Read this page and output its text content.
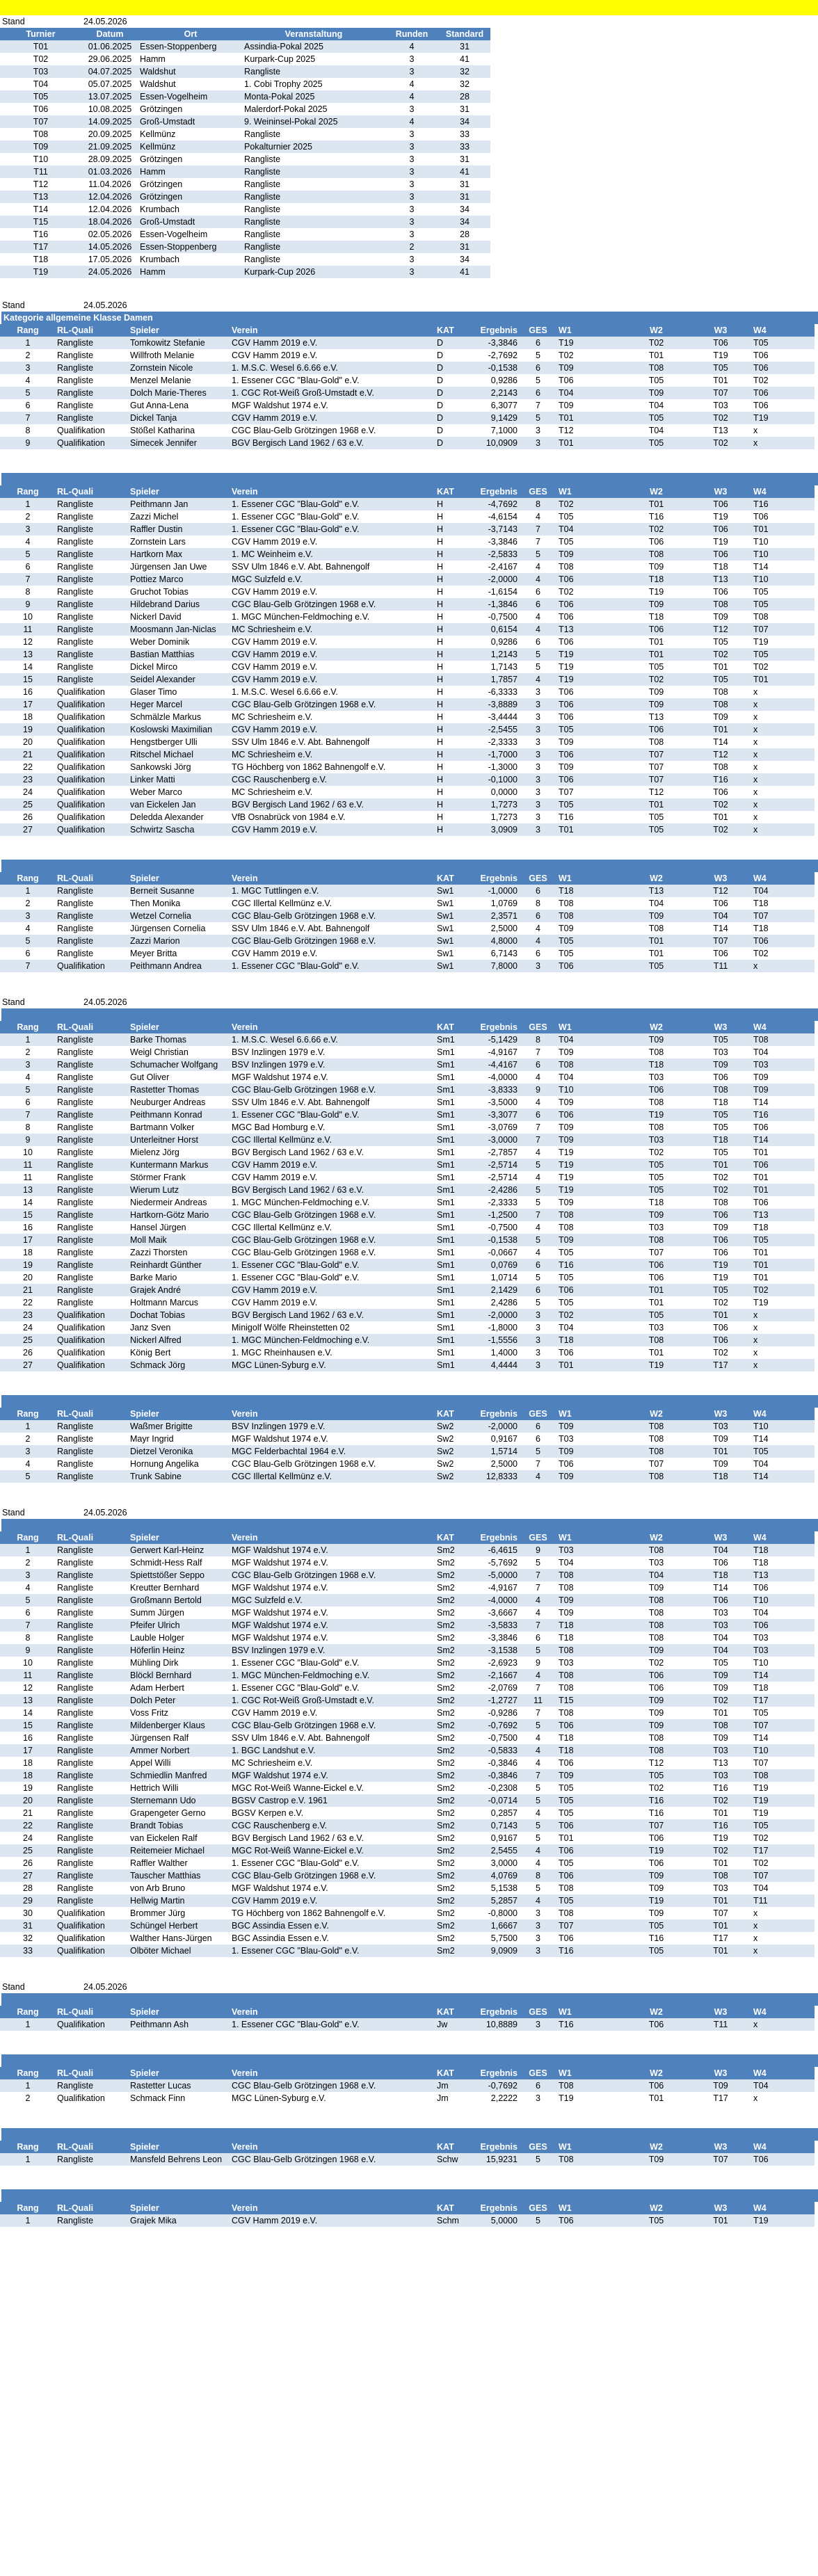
Stand	24.05.2026
Turnier	Datum	Ort	Veranstaltung	Runden	Standard
T01	01.06.2025	Essen-Stoppenberg	Assindia-Pokal 2025	4	31
T02	29.06.2025	Hamm	Kurpark-Cup 2025	3	41
T03	04.07.2025	Waldshut	Rangliste	3	32
T04	05.07.2025	Waldshut	1. Cobi Trophy 2025	4	32
T05	13.07.2025	Essen-Vogelheim	Monta-Pokal 2025	4	28
T06	10.08.2025	Grötzingen	Malerdorf-Pokal 2025	3	31
T07	14.09.2025	Groß-Umstadt	9. Weininsel-Pokal 2025	4	34
T08	20.09.2025	Kellmünz	Rangliste	3	33
T09	21.09.2025	Kellmünz	Pokalturnier 2025	3	33
T10	28.09.2025	Grötzingen	Rangliste	3	31
T11	01.03.2026	Hamm	Rangliste	3	41
T12	11.04.2026	Grötzingen	Rangliste	3	31
T13	12.04.2026	Grötzingen	Rangliste	3	31
T14	12.04.2026	Krumbach	Rangliste	3	34
T15	18.04.2026	Groß-Umstadt	Rangliste	3	34
T16	02.05.2026	Essen-Vogelheim	Rangliste	3	28
T17	14.05.2026	Essen-Stoppenberg	Rangliste	2	31
T18	17.05.2026	Krumbach	Rangliste	3	34
T19	24.05.2026	Hamm	Kurpark-Cup 2026	3	41
Stand	24.05.2026
Kategorie allgemeine Klasse Damen
Rang	RL-Quali	Spieler	Verein	KAT	Ergebnis	GES	W1	W2	W3	W4
1	Rangliste	Tomkowitz Stefanie	CGV Hamm 2019 e.V.	D	-3,3846	6	T19	T02	T06	T05
2	Rangliste	Willfroth Melanie	CGV Hamm 2019 e.V.	D	-2,7692	5	T02	T01	T19	T06
3	Rangliste	Zornstein Nicole	1. M.S.C. Wesel 6.6.66 e.V.	D	-0,1538	6	T09	T08	T05	T06
4	Rangliste	Menzel Melanie	1. Essener CGC "Blau-Gold" e.V.	D	0,9286	5	T06	T05	T01	T02
5	Rangliste	Dolch Marie-Theres	1. CGC Rot-Weiß Groß-Umstadt e.V.	D	2,2143	6	T04	T09	T07	T06
6	Rangliste	Gut Anna-Lena	MGF Waldshut 1974 e.V.	D	6,3077	7	T09	T04	T03	T06
7	Rangliste	Dickel Tanja	CGV Hamm 2019 e.V.	D	9,1429	5	T01	T05	T02	T19
8	Qualifikation	Stößel Katharina	CGC Blau-Gelb Grötzingen 1968 e.V.	D	7,1000	3	T12	T04	T13	x
9	Qualifikation	Simecek Jennifer	BGV Bergisch Land 1962 / 63 e.V.	D	10,0909	3	T01	T05	T02	x
Rang	RL-Quali	Spieler	Verein	KAT	Ergebnis	GES	W1	W2	W3	W4
1	Rangliste	Peithmann Jan	1. Essener CGC "Blau-Gold" e.V.	H	-4,7692	8	T02	T01	T06	T16
2	Rangliste	Zazzi Michel	1. Essener CGC "Blau-Gold" e.V.	H	-4,6154	4	T05	T16	T19	T06
3	Rangliste	Raffler Dustin	1. Essener CGC "Blau-Gold" e.V.	H	-3,7143	7	T04	T02	T06	T01
4	Rangliste	Zornstein Lars	CGV Hamm 2019 e.V.	H	-3,3846	7	T05	T06	T19	T10
5	Rangliste	Hartkorn Max	1. MC Weinheim e.V.	H	-2,5833	5	T09	T08	T06	T10
6	Rangliste	Jürgensen Jan Uwe	SSV Ulm 1846 e.V. Abt. Bahnengolf	H	-2,4167	4	T08	T09	T18	T14
7	Rangliste	Pottiez Marco	MGC Sulzfeld e.V.	H	-2,0000	4	T06	T18	T13	T10
8	Rangliste	Gruchot Tobias	CGV Hamm 2019 e.V.	H	-1,6154	6	T02	T19	T06	T05
9	Rangliste	Hildebrand Darius	CGC Blau-Gelb Grötzingen 1968 e.V.	H	-1,3846	6	T06	T09	T08	T05
10	Rangliste	Nickerl David	1. MGC München-Feldmoching e.V.	H	-0,7500	4	T06	T18	T09	T08
11	Rangliste	Moosmann Jan-Niclas	MC Schriesheim e.V.	H	0,6154	4	T13	T06	T12	T07
12	Rangliste	Weber Dominik	CGV Hamm 2019 e.V.	H	0,9286	6	T06	T01	T05	T19
13	Rangliste	Bastian Matthias	CGV Hamm 2019 e.V.	H	1,2143	5	T19	T01	T02	T05
14	Rangliste	Dickel Mirco	CGV Hamm 2019 e.V.	H	1,7143	5	T19	T05	T01	T02
15	Rangliste	Seidel Alexander	CGV Hamm 2019 e.V.	H	1,7857	4	T19	T02	T05	T01
16	Qualifikation	Glaser Timo	1. M.S.C. Wesel 6.6.66 e.V.	H	-6,3333	3	T06	T09	T08	x
17	Qualifikation	Heger Marcel	CGC Blau-Gelb Grötzingen 1968 e.V.	H	-3,8889	3	T06	T09	T08	x
18	Qualifikation	Schmälzle Markus	MC Schriesheim e.V.	H	-3,4444	3	T06	T13	T09	x
19	Qualifikation	Koslowski Maximilian	CGV Hamm 2019 e.V.	H	-2,5455	3	T05	T06	T01	x
20	Qualifikation	Hengstberger Ulli	SSV Ulm 1846 e.V. Abt. Bahnengolf	H	-2,3333	3	T09	T08	T14	x
21	Qualifikation	Ritschel Michael	MC Schriesheim e.V.	H	-1,7000	3	T06	T07	T12	x
22	Qualifikation	Sankowski Jörg	TG Höchberg von 1862 Bahnengolf e.V.	H	-1,3000	3	T09	T07	T08	x
23	Qualifikation	Linker Matti	CGC Rauschenberg e.V.	H	-0,1000	3	T06	T07	T16	x
24	Qualifikation	Weber Marco	MC Schriesheim e.V.	H	0,0000	3	T07	T12	T06	x
25	Qualifikation	van Eickelen Jan	BGV Bergisch Land 1962 / 63 e.V.	H	1,7273	3	T05	T01	T02	x
26	Qualifikation	Deledda Alexander	VfB Osnabrück von 1984 e.V.	H	1,7273	3	T16	T05	T01	x
27	Qualifikation	Schwirtz Sascha	CGV Hamm 2019 e.V.	H	3,0909	3	T01	T05	T02	x
Rang	RL-Quali	Spieler	Verein	KAT	Ergebnis	GES	W1	W2	W3	W4
1	Rangliste	Berneit Susanne	1. MGC Tuttlingen e.V.	Sw1	-1,0000	6	T18	T13	T12	T04
2	Rangliste	Then Monika	CGC Illertal Kellmünz e.V.	Sw1	1,0769	8	T08	T04	T06	T18
3	Rangliste	Wetzel Cornelia	CGC Blau-Gelb Grötzingen 1968 e.V.	Sw1	2,3571	6	T08	T09	T04	T07
4	Rangliste	Jürgensen Cornelia	SSV Ulm 1846 e.V. Abt. Bahnengolf	Sw1	2,5000	4	T09	T08	T14	T18
5	Rangliste	Zazzi Marion	CGC Blau-Gelb Grötzingen 1968 e.V.	Sw1	4,8000	4	T05	T01	T07	T06
6	Rangliste	Meyer Britta	CGV Hamm 2019 e.V.	Sw1	6,7143	6	T05	T01	T06	T02
7	Qualifikation	Peithmann Andrea	1. Essener CGC "Blau-Gold" e.V.	Sw1	7,8000	3	T06	T05	T11	x
Stand	24.05.2026
Rang	RL-Quali	Spieler	Verein	KAT	Ergebnis	GES	W1	W2	W3	W4
1	Rangliste	Barke Thomas	1. M.S.C. Wesel 6.6.66 e.V.	Sm1	-5,1429	8	T04	T09	T05	T08
2	Rangliste	Weigl Christian	BSV Inzlingen 1979 e.V.	Sm1	-4,9167	7	T09	T08	T03	T04
3	Rangliste	Schumacher Wolfgang	BSV Inzlingen 1979 e.V.	Sm1	-4,4167	6	T08	T18	T09	T03
4	Rangliste	Gut Oliver	MGF Waldshut 1974 e.V.	Sm1	-4,0000	4	T04	T03	T06	T09
5	Rangliste	Rastetter Thomas	CGC Blau-Gelb Grötzingen 1968 e.V.	Sm1	-3,8333	9	T10	T06	T08	T09
6	Rangliste	Neuburger Andreas	SSV Ulm 1846 e.V. Abt. Bahnengolf	Sm1	-3,5000	4	T09	T08	T18	T14
7	Rangliste	Peithmann Konrad	1. Essener CGC "Blau-Gold" e.V.	Sm1	-3,3077	6	T06	T19	T05	T16
8	Rangliste	Bartmann Volker	MGC Bad Homburg e.V.	Sm1	-3,0769	7	T09	T08	T05	T06
9	Rangliste	Unterleitner Horst	CGC Illertal Kellmünz e.V.	Sm1	-3,0000	7	T09	T03	T18	T14
10	Rangliste	Mielenz Jörg	BGV Bergisch Land 1962 / 63 e.V.	Sm1	-2,7857	4	T19	T02	T05	T01
11	Rangliste	Kuntermann Markus	CGV Hamm 2019 e.V.	Sm1	-2,5714	5	T19	T05	T01	T06
11	Rangliste	Störmer Frank	CGV Hamm 2019 e.V.	Sm1	-2,5714	4	T19	T05	T02	T01
13	Rangliste	Wierum Lutz	BGV Bergisch Land 1962 / 63 e.V.	Sm1	-2,4286	5	T19	T05	T02	T01
14	Rangliste	Niedermeir Andreas	1. MGC München-Feldmoching e.V.	Sm1	-2,3333	5	T09	T18	T08	T06
15	Rangliste	Hartkorn-Götz Mario	CGC Blau-Gelb Grötzingen 1968 e.V.	Sm1	-1,2500	7	T08	T09	T06	T13
16	Rangliste	Hansel Jürgen	CGC Illertal Kellmünz e.V.	Sm1	-0,7500	4	T08	T03	T09	T18
17	Rangliste	Moll Maik	CGC Blau-Gelb Grötzingen 1968 e.V.	Sm1	-0,1538	5	T09	T08	T06	T05
18	Rangliste	Zazzi Thorsten	CGC Blau-Gelb Grötzingen 1968 e.V.	Sm1	-0,0667	4	T05	T07	T06	T01
19	Rangliste	Reinhardt Günther	1. Essener CGC "Blau-Gold" e.V.	Sm1	0,0769	6	T16	T06	T19	T01
20	Rangliste	Barke Mario	1. Essener CGC "Blau-Gold" e.V.	Sm1	1,0714	5	T05	T06	T19	T01
21	Rangliste	Grajek André	CGV Hamm 2019 e.V.	Sm1	2,1429	6	T06	T01	T05	T02
22	Rangliste	Holtmann Marcus	CGV Hamm 2019 e.V.	Sm1	2,4286	5	T05	T01	T02	T19
23	Qualifikation	Dochat Tobias	BGV Bergisch Land 1962 / 63 e.V.	Sm1	-2,0000	3	T02	T05	T01	x
24	Qualifikation	Janz Sven	Minigolf Wölfe Rheinstetten 02	Sm1	-1,8000	3	T04	T03	T06	x
25	Qualifikation	Nickerl Alfred	1. MGC München-Feldmoching e.V.	Sm1	-1,5556	3	T18	T08	T06	x
26	Qualifikation	König Bert	1. MGC Rheinhausen e.V.	Sm1	1,4000	3	T06	T01	T02	x
27	Qualifikation	Schmack Jörg	MGC Lünen-Syburg e.V.	Sm1	4,4444	3	T01	T19	T17	x
Rang	RL-Quali	Spieler	Verein	KAT	Ergebnis	GES	W1	W2	W3	W4
1	Rangliste	Waßmer Brigitte	BSV Inzlingen 1979 e.V.	Sw2	-2,0000	6	T09	T08	T03	T10
2	Rangliste	Mayr Ingrid	MGF Waldshut 1974 e.V.	Sw2	0,9167	6	T03	T08	T09	T14
3	Rangliste	Dietzel Veronika	MGC Felderbachtal 1964 e.V.	Sw2	1,5714	5	T09	T08	T01	T05
4	Rangliste	Hornung Angelika	CGC Blau-Gelb Grötzingen 1968 e.V.	Sw2	2,5000	7	T06	T07	T09	T04
5	Rangliste	Trunk Sabine	CGC Illertal Kellmünz e.V.	Sw2	12,8333	4	T09	T08	T18	T14
Stand	24.05.2026
Rang	RL-Quali	Spieler	Verein	KAT	Ergebnis	GES	W1	W2	W3	W4
1	Rangliste	Gerwert Karl-Heinz	MGF Waldshut 1974 e.V.	Sm2	-6,4615	9	T03	T08	T04	T18
2	Rangliste	Schmidt-Hess Ralf	MGF Waldshut 1974 e.V.	Sm2	-5,7692	5	T04	T03	T06	T18
3	Rangliste	Spiettstößer Seppo	CGC Blau-Gelb Grötzingen 1968 e.V.	Sm2	-5,0000	7	T08	T04	T18	T13
4	Rangliste	Kreutter Bernhard	MGF Waldshut 1974 e.V.	Sm2	-4,9167	7	T08	T09	T14	T06
5	Rangliste	Großmann Bertold	MGC Sulzfeld e.V.	Sm2	-4,0000	4	T09	T08	T06	T10
6	Rangliste	Summ Jürgen	MGF Waldshut 1974 e.V.	Sm2	-3,6667	4	T09	T08	T03	T04
7	Rangliste	Pfeifer Ulrich	MGF Waldshut 1974 e.V.	Sm2	-3,5833	7	T18	T08	T03	T06
8	Rangliste	Lauble Holger	MGF Waldshut 1974 e.V.	Sm2	-3,3846	6	T18	T08	T04	T03
9	Rangliste	Höferlin Heinz	BSV Inzlingen 1979 e.V.	Sm2	-3,1538	5	T08	T09	T04	T03
10	Rangliste	Mühling Dirk	1. Essener CGC "Blau-Gold" e.V.	Sm2	-2,6923	9	T03	T02	T05	T10
11	Rangliste	Blöckl Bernhard	1. MGC München-Feldmoching e.V.	Sm2	-2,1667	4	T08	T06	T09	T14
12	Rangliste	Adam Herbert	1. Essener CGC "Blau-Gold" e.V.	Sm2	-2,0769	7	T08	T06	T09	T18
13	Rangliste	Dolch Peter	1. CGC Rot-Weiß Groß-Umstadt e.V.	Sm2	-1,2727	11	T15	T09	T02	T17
14	Rangliste	Voss Fritz	CGV Hamm 2019 e.V.	Sm2	-0,9286	7	T08	T09	T01	T05
15	Rangliste	Mildenberger Klaus	CGC Blau-Gelb Grötzingen 1968 e.V.	Sm2	-0,7692	5	T06	T09	T08	T07
16	Rangliste	Jürgensen Ralf	SSV Ulm 1846 e.V. Abt. Bahnengolf	Sm2	-0,7500	4	T18	T08	T09	T14
17	Rangliste	Ammer Norbert	1. BGC Landshut e.V.	Sm2	-0,5833	4	T18	T08	T03	T10
18	Rangliste	Appel Willi	MC Schriesheim e.V.	Sm2	-0,3846	4	T06	T12	T13	T07
18	Rangliste	Schmiedlin Manfred	MGF Waldshut 1974 e.V.	Sm2	-0,3846	7	T09	T05	T03	T08
19	Rangliste	Hettrich Willi	MGC Rot-Weiß Wanne-Eickel e.V.	Sm2	-0,2308	5	T05	T02	T16	T19
20	Rangliste	Sternemann Udo	BGSV Castrop e.V. 1961	Sm2	-0,0714	5	T05	T16	T02	T19
21	Rangliste	Grapengeter Gerno	BGSV Kerpen e.V.	Sm2	0,2857	4	T05	T16	T01	T19
22	Rangliste	Brandt Tobias	CGC Rauschenberg e.V.	Sm2	0,7143	5	T06	T07	T16	T05
24	Rangliste	van Eickelen Ralf	BGV Bergisch Land 1962 / 63 e.V.	Sm2	0,9167	5	T01	T06	T19	T02
25	Rangliste	Reitemeier Michael	MGC Rot-Weiß Wanne-Eickel e.V.	Sm2	2,5455	4	T06	T19	T02	T17
26	Rangliste	Raffler Walther	1. Essener CGC "Blau-Gold" e.V.	Sm2	3,0000	4	T05	T06	T01	T02
27	Rangliste	Tauscher Matthias	CGC Blau-Gelb Grötzingen 1968 e.V.	Sm2	4,0769	8	T06	T09	T08	T07
28	Rangliste	von Arb Bruno	MGF Waldshut 1974 e.V.	Sm2	5,1538	5	T08	T09	T03	T04
29	Rangliste	Hellwig Martin	CGV Hamm 2019 e.V.	Sm2	5,2857	4	T05	T19	T01	T11
30	Qualifikation	Brommer Jürg	TG Höchberg von 1862 Bahnengolf e.V.	Sm2	-0,8000	3	T08	T09	T07	x
31	Qualifikation	Schüngel Herbert	BGC Assindia Essen e.V.	Sm2	1,6667	3	T07	T05	T01	x
32	Qualifikation	Walther Hans-Jürgen	BGC Assindia Essen e.V.	Sm2	5,7500	3	T06	T16	T17	x
33	Qualifikation	Olböter Michael	1. Essener CGC "Blau-Gold" e.V.	Sm2	9,0909	3	T16	T05	T01	x
Stand	24.05.2026
Rang	RL-Quali	Spieler	Verein	KAT	Ergebnis	GES	W1	W2	W3	W4
1	Qualifikation	Peithmann Ash	1. Essener CGC "Blau-Gold" e.V.	Jw	10,8889	3	T16	T06	T11	x
Rang	RL-Quali	Spieler	Verein	KAT	Ergebnis	GES	W1	W2	W3	W4
1	Rangliste	Rastetter Lucas	CGC Blau-Gelb Grötzingen 1968 e.V.	Jm	-0,7692	6	T08	T06	T09	T04
2	Qualifikation	Schmack Finn	MGC Lünen-Syburg e.V.	Jm	2,2222	3	T19	T01	T17	x
Rang	RL-Quali	Spieler	Verein	KAT	Ergebnis	GES	W1	W2	W3	W4
1	Rangliste	Mansfeld Behrens Leon	CGC Blau-Gelb Grötzingen 1968 e.V.	Schw	15,9231	5	T08	T09	T07	T06
Rang	RL-Quali	Spieler	Verein	KAT	Ergebnis	GES	W1	W2	W3	W4
1	Rangliste	Grajek Mika	CGV Hamm 2019 e.V.	Schm	5,0000	5	T06	T05	T01	T19
